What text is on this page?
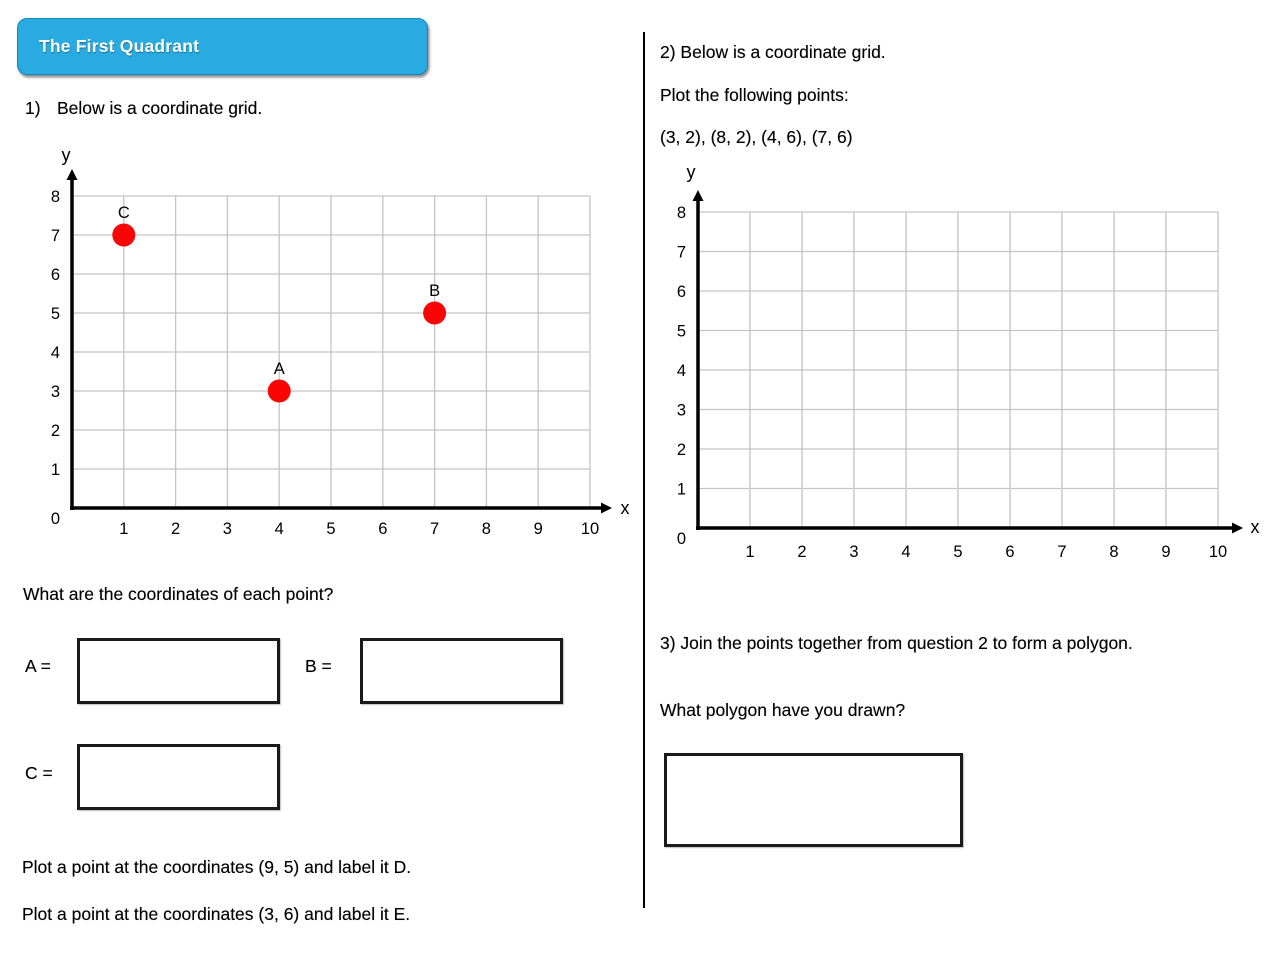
The First Quadrant
1) Below is a coordinate grid.
y
x
1	2	3	4	5	6	7	8	9 10
1
2
3
4
5
6
7
8
0
A
B
C
What are the coordinates of each point?
A =	B =
C =
Plot a point at the coordinates (9, 5) and label it D.
Plot a point at the coordinates (3, 6) and label it E.
2) Below is a coordinate grid.
Plot the following points:
(3, 2), (8, 2), (4, 6), (7, 6)
y
x
1	2	3	4	5	6	7	8	9 10
1
2
3
4
5
6
7
8
0
3) Join the points together from question 2 to form a polygon.
What polygon have you drawn?
